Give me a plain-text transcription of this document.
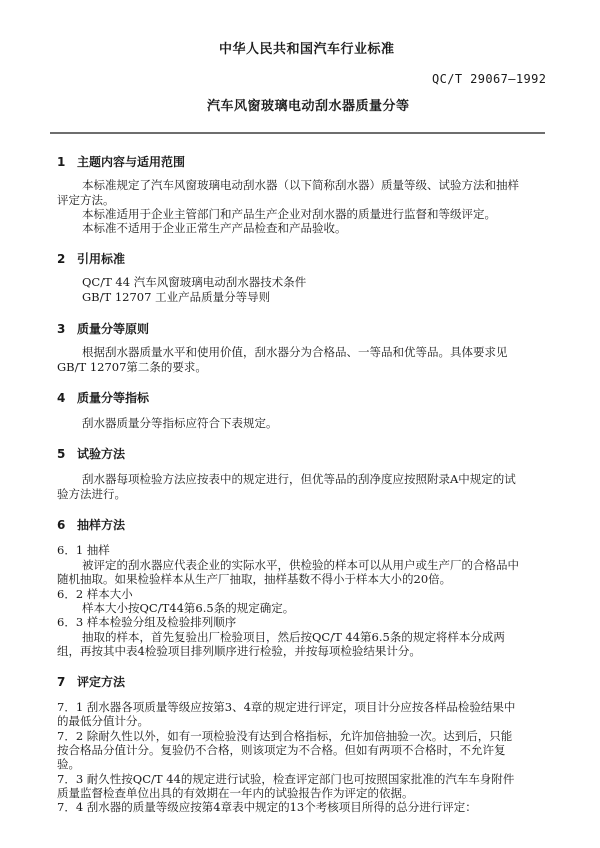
中华人民共和国汽车行业标准
QC/T 29067—1992
汽车风窗玻璃电动刮水器质量分等
1 主题内容与适用范围
本标准规定了汽车风窗玻璃电动刮水器（以下简称刮水器）质量等级、试验方法和抽样
评定方法。
本标准适用于企业主管部门和产品生产企业对刮水器的质量进行监督和等级评定。
本标准不适用于企业正常生产产品检查和产品验收。
2 引用标准
QC/T 44 汽车风窗玻璃电动刮水器技术条件
GB/T 12707 工业产品质量分等导则
3 质量分等原则
根据刮水器质量水平和使用价值，刮水器分为合格品、一等品和优等品。具体要求见
GB/T 12707第二条的要求。
4 质量分等指标
刮水器质量分等指标应符合下表规定。
5 试验方法
刮水器每项检验方法应按表中的规定进行，但优等品的刮净度应按照附录A中规定的试
验方法进行。
6 抽样方法
6．1 抽样
被评定的刮水器应代表企业的实际水平，供检验的样本可以从用户或生产厂的合格品中
随机抽取。如果检验样本从生产厂抽取，抽样基数不得小于样本大小的20倍。
6．2 样本大小
样本大小按QC/T44第6.5条的规定确定。
6．3 样本检验分组及检验排列顺序
抽取的样本，首先复验出厂检验项目，然后按QC/T 44第6.5条的规定将样本分成两
组，再按其中表4检验项目排列顺序进行检验，并按每项检验结果计分。
7 评定方法
7．1 刮水器各项质量等级应按第3、4章的规定进行评定，项目计分应按各样品检验结果中
的最低分值计分。
7．2 除耐久性以外，如有一项检验没有达到合格指标，允许加倍抽验一次。达到后，只能
按合格品分值计分。复验仍不合格，则该项定为不合格。但如有两项不合格时，不允许复
验。
7．3 耐久性按QC/T 44的规定进行试验，检查评定部门也可按照国家批准的汽车车身附件
质量监督检查单位出具的有效期在一年内的试验报告作为评定的依据。
7．4 刮水器的质量等级应按第4章表中规定的13个考核项目所得的总分进行评定：
